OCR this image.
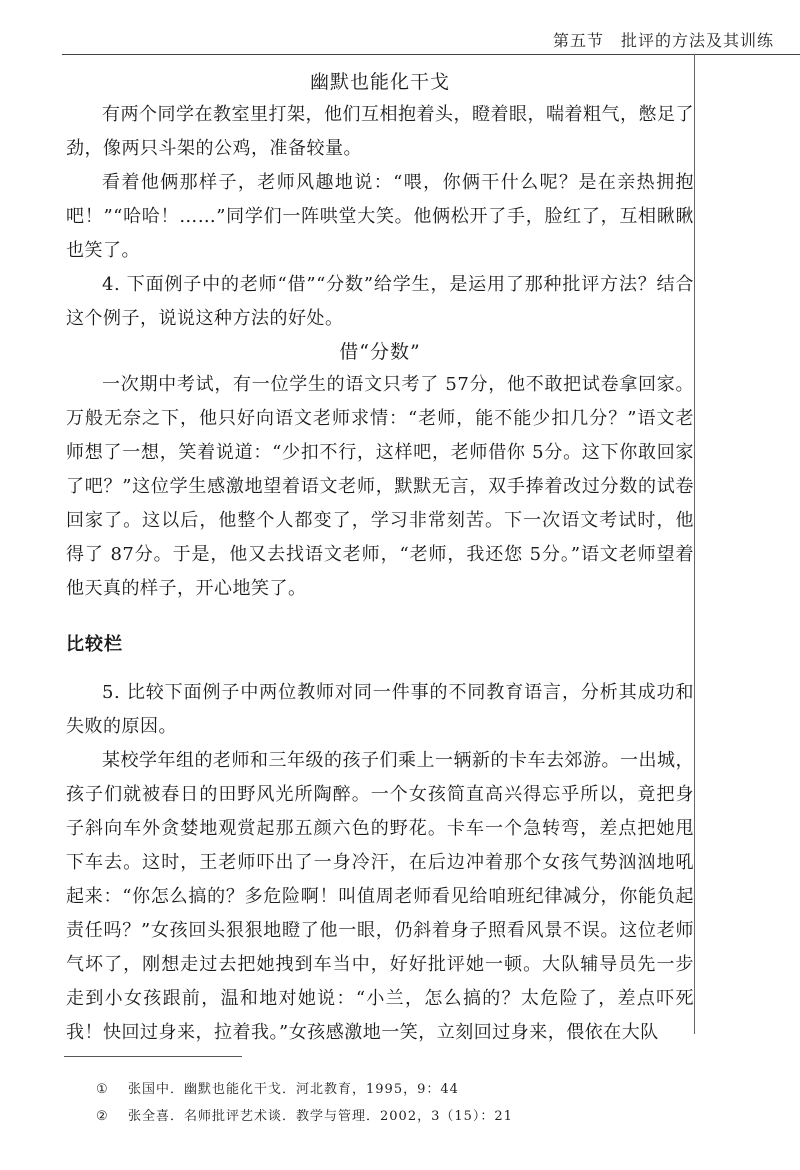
第五节　批评的方法及其训练

幽默也能化干戈

有两个同学在教室里打架，他们互相抱着头，瞪着眼，喘着粗气，憋足了劲，像两只斗架的公鸡，准备较量。

看着他俩那样子，老师风趣地说：“喂，你俩干什么呢？是在亲热拥抱吧！”“哈哈！……”同学们一阵哄堂大笑。他俩松开了手，脸红了，互相瞅瞅也笑了。

4. 下面例子中的老师“借”“分数”给学生，是运用了那种批评方法？结合这个例子，说说这种方法的好处。

借“分数”

一次期中考试，有一位学生的语文只考了 57分，他不敢把试卷拿回家。万般无奈之下，他只好向语文老师求情：“老师，能不能少扣几分？”语文老师想了一想，笑着说道：“少扣不行，这样吧，老师借你 5分。这下你敢回家了吧？”这位学生感激地望着语文老师，默默无言，双手捧着改过分数的试卷回家了。这以后，他整个人都变了，学习非常刻苦。下一次语文考试时，他得了 87分。于是，他又去找语文老师，“老师，我还您 5分。”语文老师望着他天真的样子，开心地笑了。

比较栏

5. 比较下面例子中两位教师对同一件事的不同教育语言，分析其成功和失败的原因。

某校学年组的老师和三年级的孩子们乘上一辆新的卡车去郊游。一出城，孩子们就被春日的田野风光所陶醉。一个女孩简直高兴得忘乎所以，竟把身子斜向车外贪婪地观赏起那五颜六色的野花。卡车一个急转弯，差点把她甩下车去。这时，王老师吓出了一身冷汗，在后边冲着那个女孩气势汹汹地吼起来：“你怎么搞的？多危险啊！叫值周老师看见给咱班纪律减分，你能负起责任吗？”女孩回头狠狠地瞪了他一眼，仍斜着身子照看风景不误。这位老师气坏了，刚想走过去把她拽到车当中，好好批评她一顿。大队辅导员先一步走到小女孩跟前，温和地对她说：“小兰，怎么搞的？太危险了，差点吓死我！快回过身来，拉着我。”女孩感激地一笑，立刻回过身来，偎依在大队

① 张国中．幽默也能化干戈．河北教育，1995，9：44
② 张全喜．名师批评艺术谈．教学与管理．2002，3（15）：21
